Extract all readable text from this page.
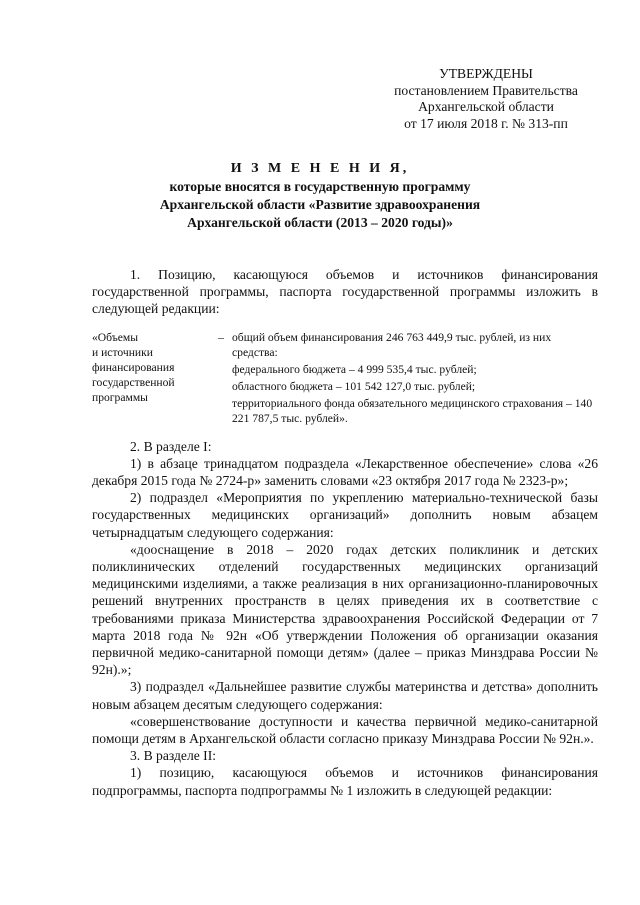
УТВЕРЖДЕНЫ
постановлением Правительства
Архангельской области
от 17 июля 2018 г. № 313-пп
И З М Е Н Е Н И Я,
которые вносятся в государственную программу
Архангельской области «Развитие здравоохранения
Архангельской области (2013 – 2020 годы)»

1. Позицию, касающуюся объемов и источников финансирования государственной программы, паспорта государственной программы изложить в следующей редакции:

«Объемы
и источники
финансирования
государственной
программы
– общий объем финансирования 246 763 449,9 тыс. рублей, из них средства:
федерального бюджета – 4 999 535,4 тыс. рублей;
областного бюджета – 101 542 127,0 тыс. рублей;
территориального фонда обязательного медицинского страхования – 140 221 787,5 тыс. рублей».

2. В разделе I:

1) в абзаце тринадцатом подраздела «Лекарственное обеспечение» слова «26 декабря 2015 года № 2724-р» заменить словами «23 октября 2017 года № 2323-р»;

2) подраздел «Мероприятия по укреплению материально-технической базы государственных медицинских организаций» дополнить новым абзацем четырнадцатым следующего содержания:

«дооснащение в 2018 – 2020 годах детских поликлиник и детских поликлинических отделений государственных медицинских организаций медицинскими изделиями, а также реализация в них организационно-планировочных решений внутренних пространств в целях приведения их в соответствие с требованиями приказа Министерства здравоохранения Российской Федерации от 7 марта 2018 года № 92н «Об утверждении Положения об организации оказания первичной медико-санитарной помощи детям» (далее – приказ Минздрава России № 92н).»;

3) подраздел «Дальнейшее развитие службы материнства и детства» дополнить новым абзацем десятым следующего содержания:

«совершенствование доступности и качества первичной медико-санитарной помощи детям в Архангельской области согласно приказу Минздрава России № 92н.».

3. В разделе II:

1) позицию, касающуюся объемов и источников финансирования подпрограммы, паспорта подпрограммы № 1 изложить в следующей редакции:
